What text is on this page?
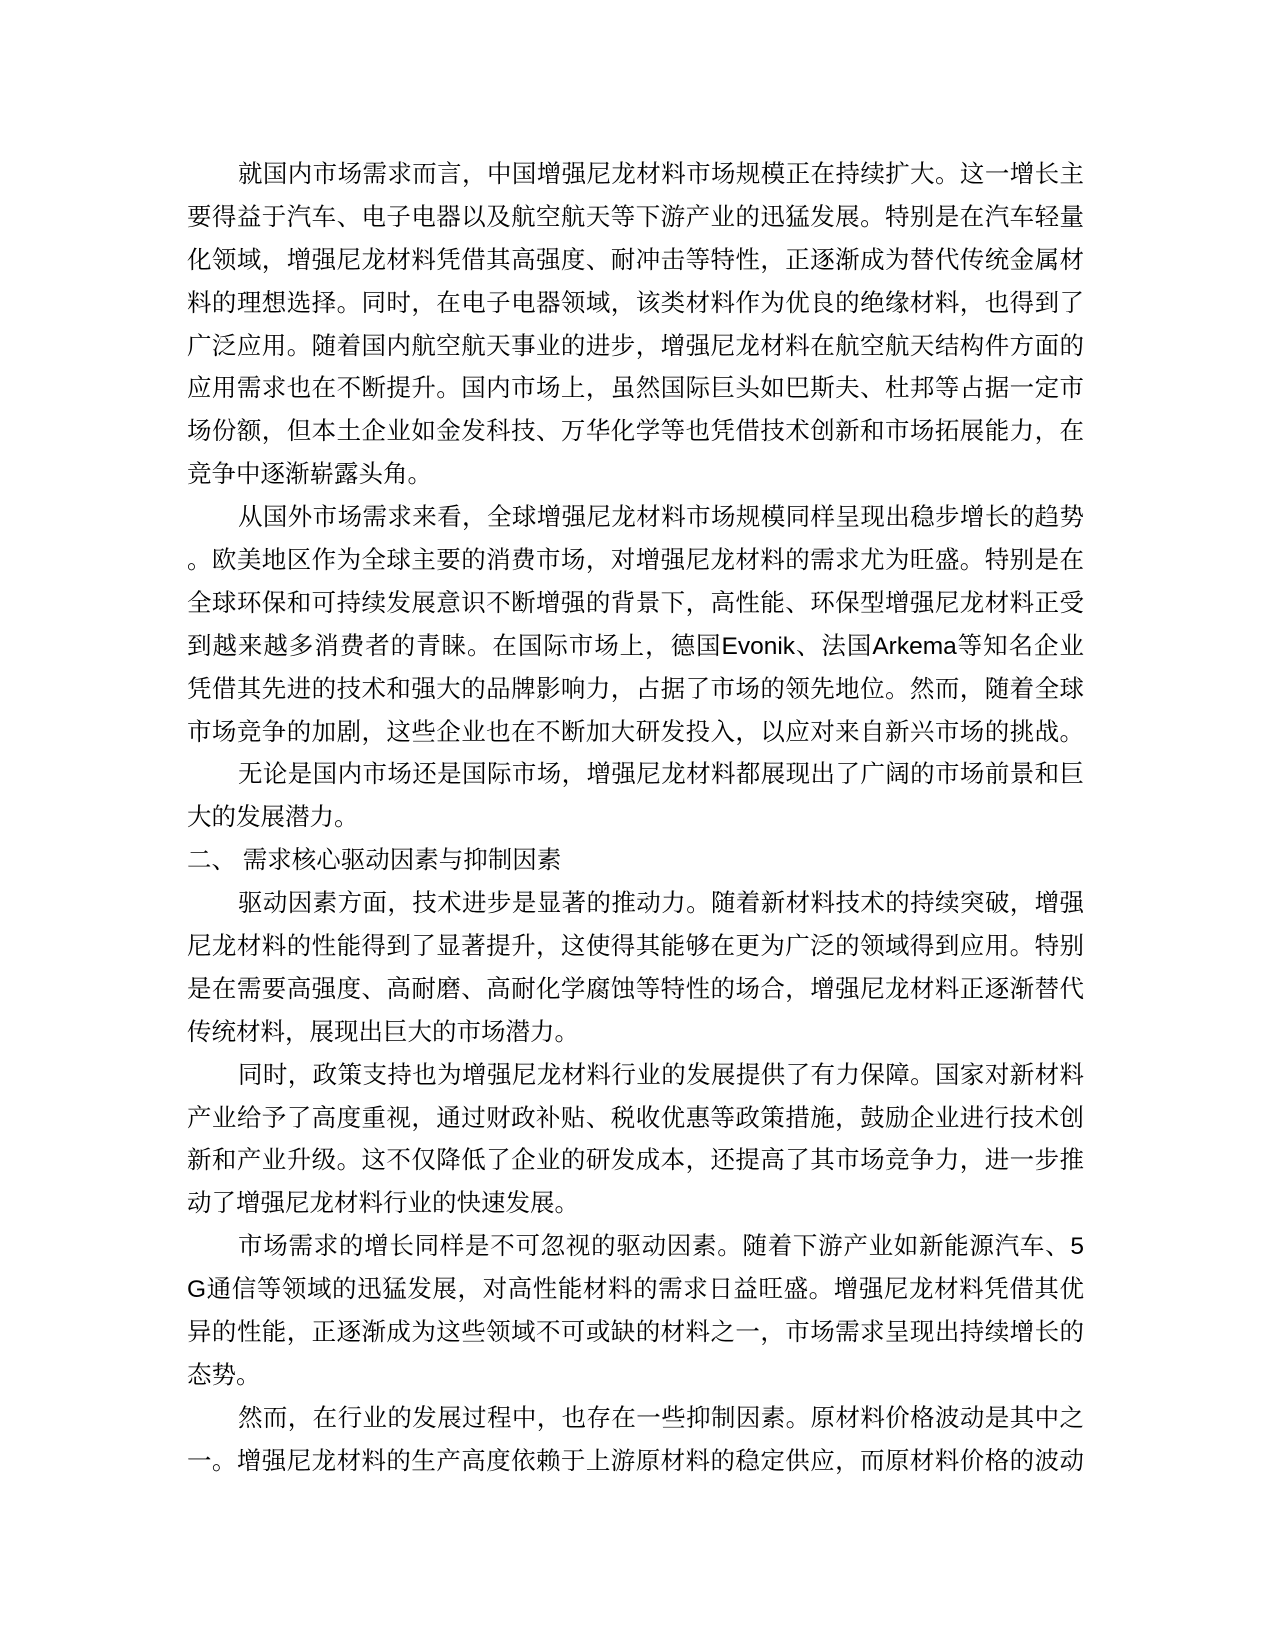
就国内市场需求而言，中国增强尼龙材料市场规模正在持续扩大。这一增长主
要得益于汽车、电子电器以及航空航天等下游产业的迅猛发展。特别是在汽车轻量
化领域，增强尼龙材料凭借其高强度、耐冲击等特性，正逐渐成为替代传统金属材
料的理想选择。同时，在电子电器领域，该类材料作为优良的绝缘材料，也得到了
广泛应用。随着国内航空航天事业的进步，增强尼龙材料在航空航天结构件方面的
应用需求也在不断提升。国内市场上，虽然国际巨头如巴斯夫、杜邦等占据一定市
场份额，但本土企业如金发科技、万华化学等也凭借技术创新和市场拓展能力，在
竞争中逐渐崭露头角。
从国外市场需求来看，全球增强尼龙材料市场规模同样呈现出稳步增长的趋势
。欧美地区作为全球主要的消费市场，对增强尼龙材料的需求尤为旺盛。特别是在
全球环保和可持续发展意识不断增强的背景下，高性能、环保型增强尼龙材料正受
到越来越多消费者的青睐。在国际市场上，德国Evonik、法国Arkema等知名企业
凭借其先进的技术和强大的品牌影响力，占据了市场的领先地位。然而，随着全球
市场竞争的加剧，这些企业也在不断加大研发投入，以应对来自新兴市场的挑战。
无论是国内市场还是国际市场，增强尼龙材料都展现出了广阔的市场前景和巨
大的发展潜力。
二、 需求核心驱动因素与抑制因素
驱动因素方面，技术进步是显著的推动力。随着新材料技术的持续突破，增强
尼龙材料的性能得到了显著提升，这使得其能够在更为广泛的领域得到应用。特别
是在需要高强度、高耐磨、高耐化学腐蚀等特性的场合，增强尼龙材料正逐渐替代
传统材料，展现出巨大的市场潜力。
同时，政策支持也为增强尼龙材料行业的发展提供了有力保障。国家对新材料
产业给予了高度重视，通过财政补贴、税收优惠等政策措施，鼓励企业进行技术创
新和产业升级。这不仅降低了企业的研发成本，还提高了其市场竞争力，进一步推
动了增强尼龙材料行业的快速发展。
市场需求的增长同样是不可忽视的驱动因素。随着下游产业如新能源汽车、5
G通信等领域的迅猛发展，对高性能材料的需求日益旺盛。增强尼龙材料凭借其优
异的性能，正逐渐成为这些领域不可或缺的材料之一，市场需求呈现出持续增长的
态势。
然而，在行业的发展过程中，也存在一些抑制因素。原材料价格波动是其中之
一。增强尼龙材料的生产高度依赖于上游原材料的稳定供应，而原材料价格的波动
